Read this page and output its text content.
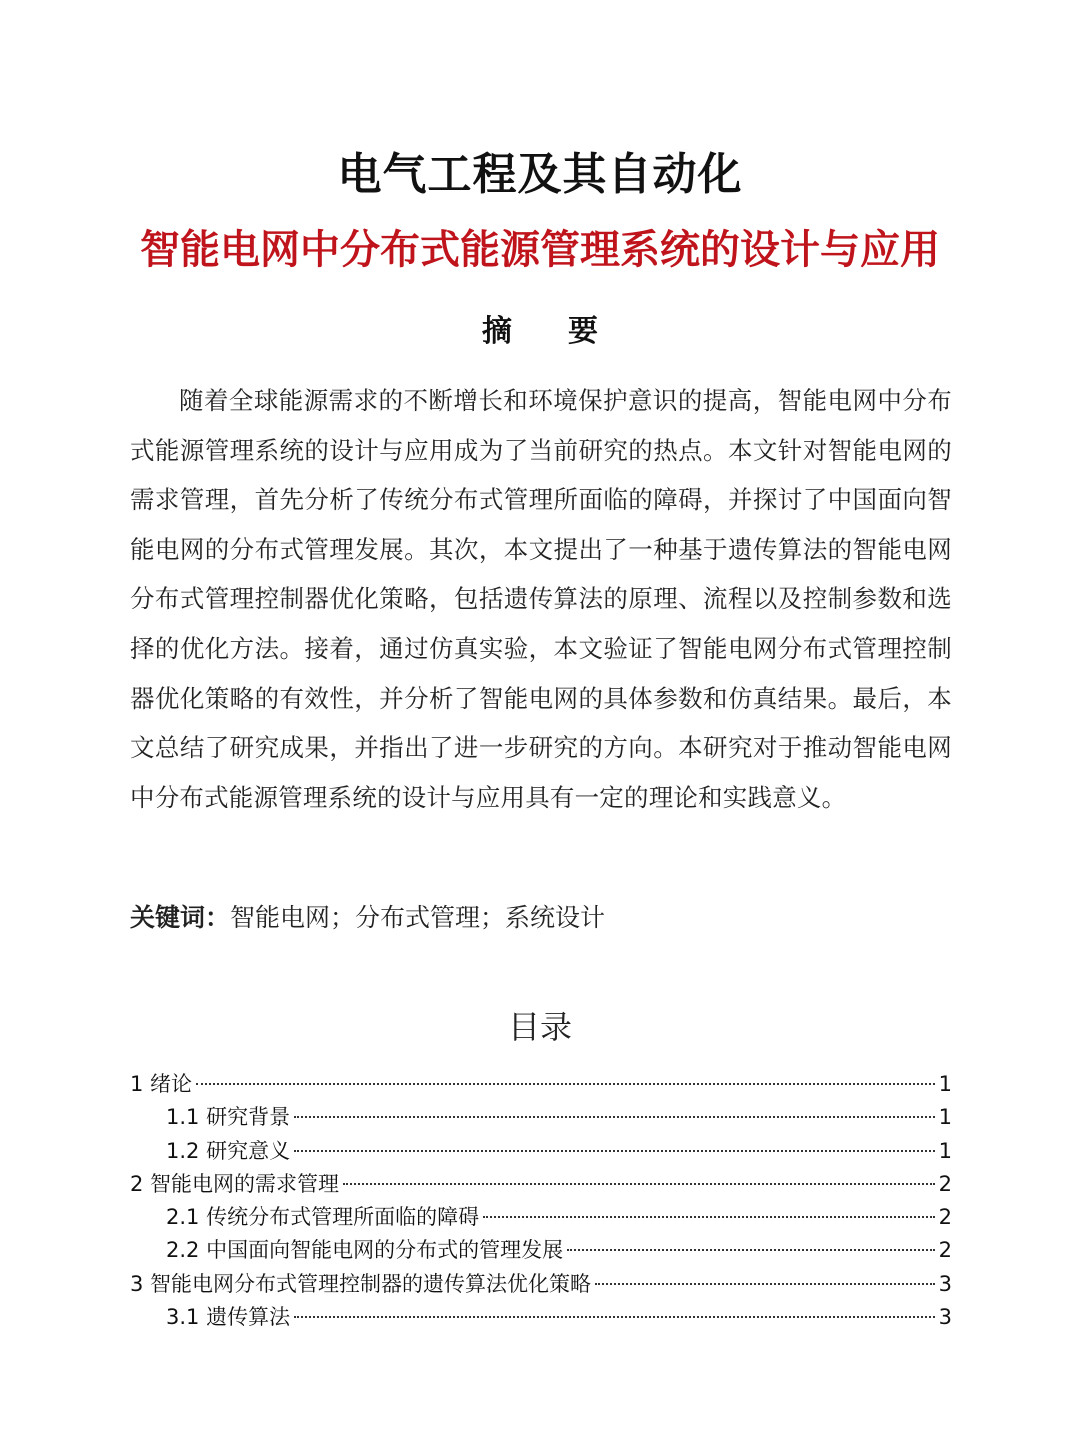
电气工程及其自动化
智能电网中分布式能源管理系统的设计与应用
摘要

随着全球能源需求的不断增长和环境保护意识的提高，智能电网中分布式能源管理系统的设计与应用成为了当前研究的热点。本文针对智能电网的需求管理，首先分析了传统分布式管理所面临的障碍，并探讨了中国面向智能电网的分布式管理发展。其次，本文提出了一种基于遗传算法的智能电网分布式管理控制器优化策略，包括遗传算法的原理、流程以及控制参数和选择的优化方法。接着，通过仿真实验，本文验证了智能电网分布式管理控制器优化策略的有效性，并分析了智能电网的具体参数和仿真结果。最后，本文总结了研究成果，并指出了进一步研究的方向。本研究对于推动智能电网中分布式能源管理系统的设计与应用具有一定的理论和实践意义。

关键词：智能电网；分布式管理；系统设计
目录
1 绪论	1
1.1 研究背景	1
1.2 研究意义	1
2 智能电网的需求管理	2
2.1 传统分布式管理所面临的障碍	2
2.2 中国面向智能电网的分布式的管理发展	2
3 智能电网分布式管理控制器的遗传算法优化策略	3
3.1 遗传算法	3
